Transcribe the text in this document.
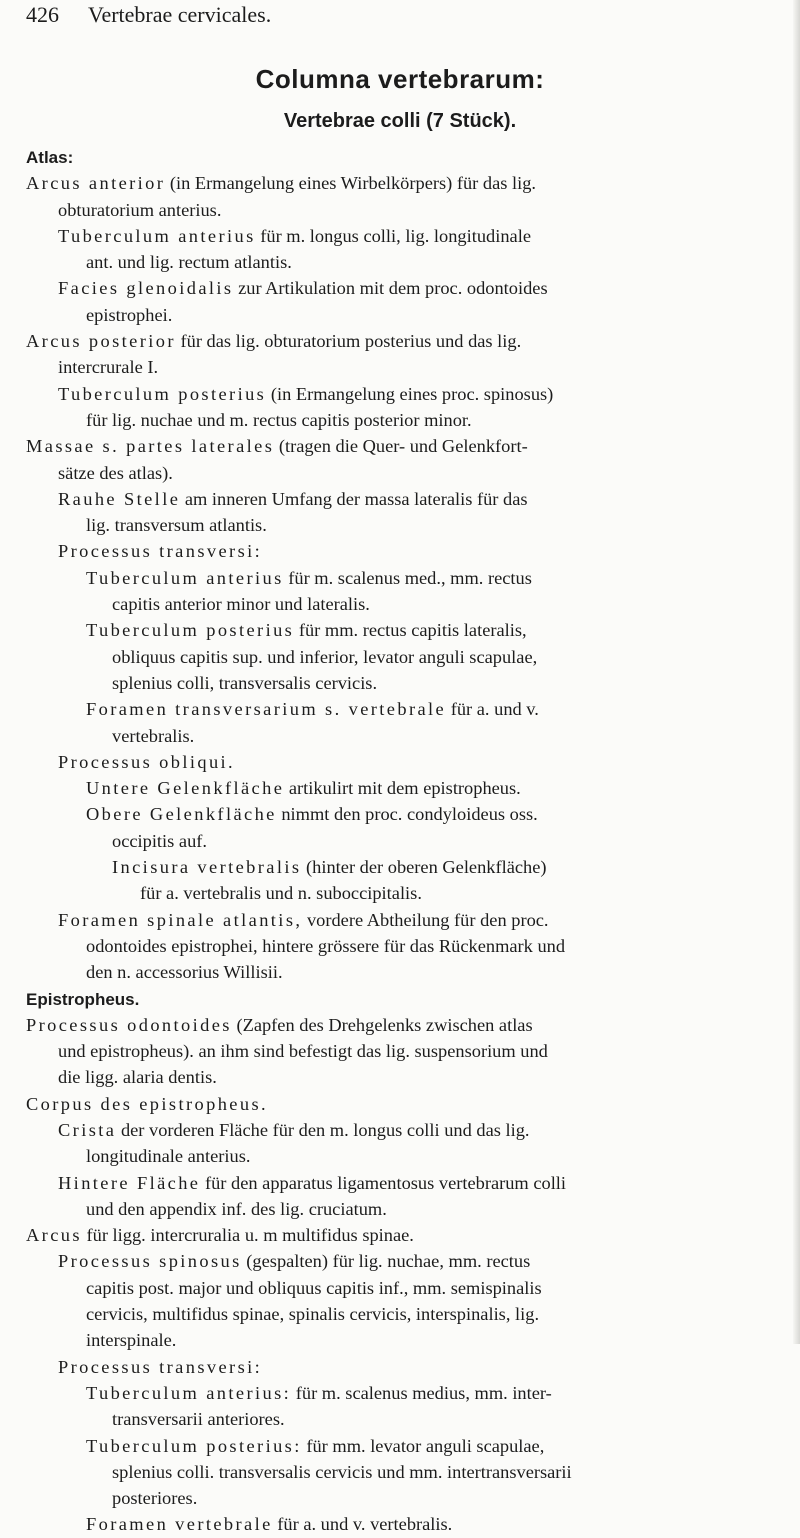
426 Vertebrae cervicales.
Columna vertebrarum:
Vertebrae colli (7 Stück).
Atlas:
Arcus anterior (in Ermangelung eines Wirbelkörpers) für das lig.
obturatorium anterius.
Tuberculum anterius für m. longus colli, lig. longitudinale
ant. und lig. rectum atlantis.
Facies glenoidalis zur Artikulation mit dem proc. odontoides
epistrophei.
Arcus posterior für das lig. obturatorium posterius und das lig.
intercrurale I.
Tuberculum posterius (in Ermangelung eines proc. spinosus)
für lig. nuchae und m. rectus capitis posterior minor.
Massae s. partes laterales (tragen die Quer- und Gelenkfort-
sätze des atlas).
Rauhe Stelle am inneren Umfang der massa lateralis für das
lig. transversum atlantis.
Processus transversi:
Tuberculum anterius für m. scalenus med., mm. rectus
capitis anterior minor und lateralis.
Tuberculum posterius für mm. rectus capitis lateralis,
obliquus capitis sup. und inferior, levator anguli scapulae,
splenius colli, transversalis cervicis.
Foramen transversarium s. vertebrale für a. und v.
vertebralis.
Processus obliqui.
Untere Gelenkfläche artikulirt mit dem epistropheus.
Obere Gelenkfläche nimmt den proc. condyloideus oss.
occipitis auf.
Incisura vertebralis (hinter der oberen Gelenkfläche)
für a. vertebralis und n. suboccipitalis.
Foramen spinale atlantis, vordere Abtheilung für den proc.
odontoides epistrophei, hintere grössere für das Rückenmark und
den n. accessorius Willisii.
Epistropheus.
Processus odontoides (Zapfen des Drehgelenks zwischen atlas
und epistropheus). an ihm sind befestigt das lig. suspensorium und
die ligg. alaria dentis.
Corpus des epistropheus.
Crista der vorderen Fläche für den m. longus colli und das lig.
longitudinale anterius.
Hintere Fläche für den apparatus ligamentosus vertebrarum colli
und den appendix inf. des lig. cruciatum.
Arcus für ligg. intercruralia u. m multifidus spinae.
Processus spinosus (gespalten) für lig. nuchae, mm. rectus
capitis post. major und obliquus capitis inf., mm. semispinalis
cervicis, multifidus spinae, spinalis cervicis, interspinalis, lig.
interspinale.
Processus transversi:
Tuberculum anterius: für m. scalenus medius, mm. inter-
transversarii anteriores.
Tuberculum posterius: für mm. levator anguli scapulae,
splenius colli. transversalis cervicis und mm. intertransversarii
posteriores.
Foramen vertebrale für a. und v. vertebralis.
